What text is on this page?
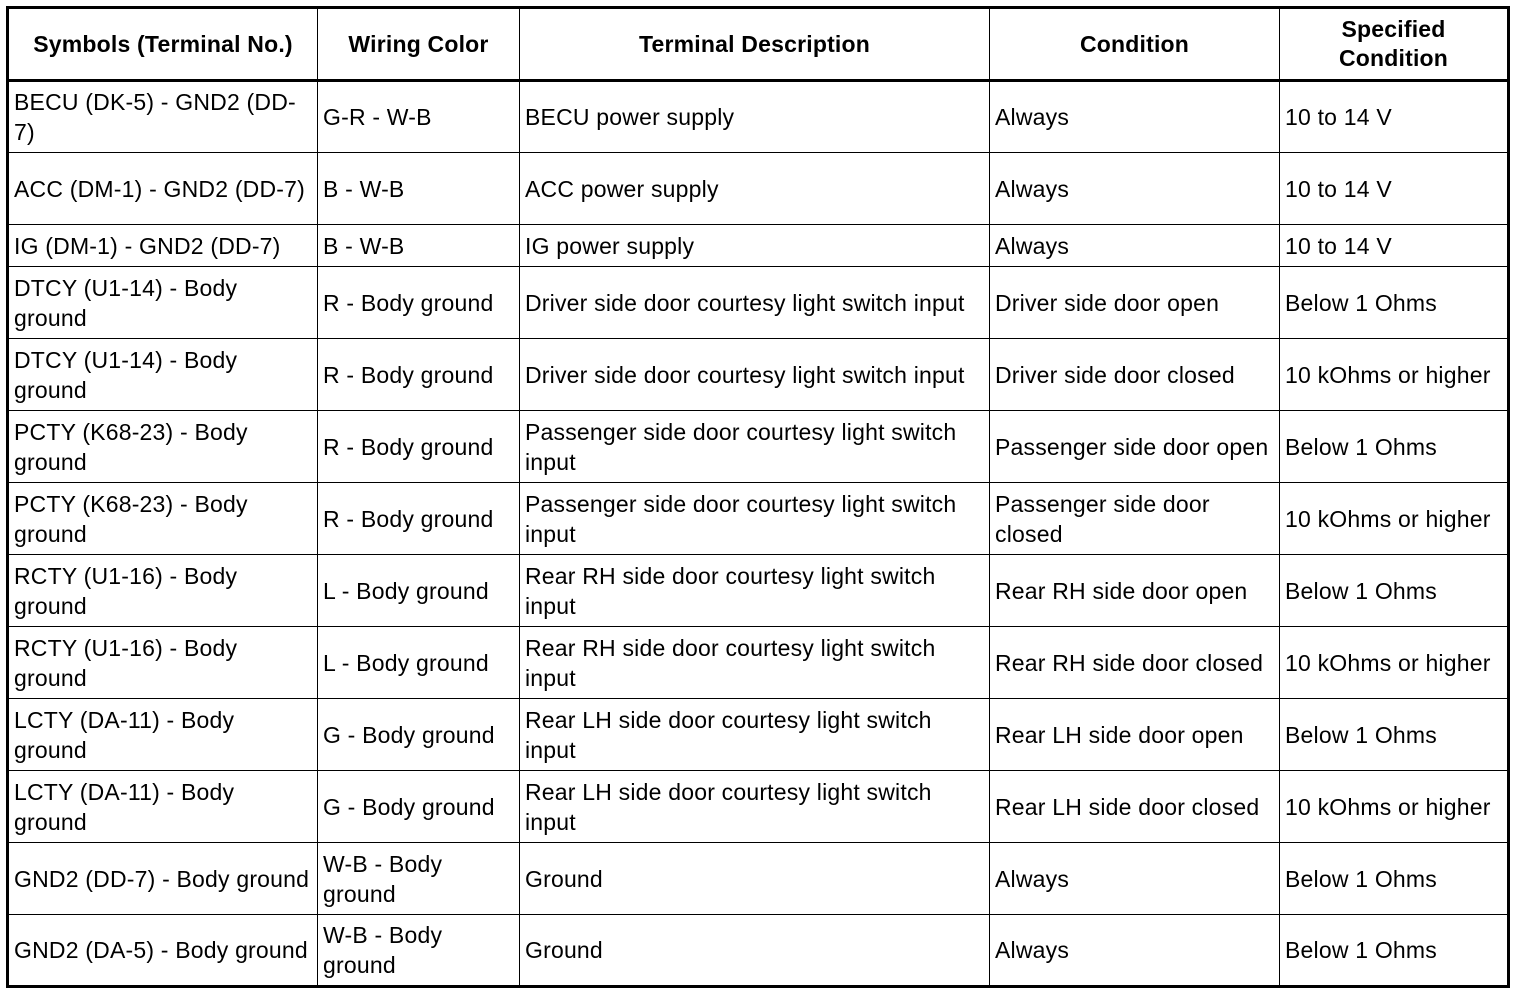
Symbols (Terminal No.)	Wiring Color	Terminal Description	Condition	Specified Condition
BECU (DK-5) - GND2 (DD-7)	G-R - W-B	BECU power supply	Always	10 to 14 V
ACC (DM-1) - GND2 (DD-7)	B - W-B	ACC power supply	Always	10 to 14 V
IG (DM-1) - GND2 (DD-7)	B - W-B	IG power supply	Always	10 to 14 V
DTCY (U1-14) - Body ground	R - Body ground	Driver side door courtesy light switch input	Driver side door open	Below 1 Ohms
DTCY (U1-14) - Body ground	R - Body ground	Driver side door courtesy light switch input	Driver side door closed	10 kOhms or higher
PCTY (K68-23) - Body ground	R - Body ground	Passenger side door courtesy light switch input	Passenger side door open	Below 1 Ohms
PCTY (K68-23) - Body ground	R - Body ground	Passenger side door courtesy light switch input	Passenger side door closed	10 kOhms or higher
RCTY (U1-16) - Body ground	L - Body ground	Rear RH side door courtesy light switch input	Rear RH side door open	Below 1 Ohms
RCTY (U1-16) - Body ground	L - Body ground	Rear RH side door courtesy light switch input	Rear RH side door closed	10 kOhms or higher
LCTY (DA-11) - Body ground	G - Body ground	Rear LH side door courtesy light switch input	Rear LH side door open	Below 1 Ohms
LCTY (DA-11) - Body ground	G - Body ground	Rear LH side door courtesy light switch input	Rear LH side door closed	10 kOhms or higher
GND2 (DD-7) - Body ground	W-B - Body ground	Ground	Always	Below 1 Ohms
GND2 (DA-5) - Body ground	W-B - Body ground	Ground	Always	Below 1 Ohms
